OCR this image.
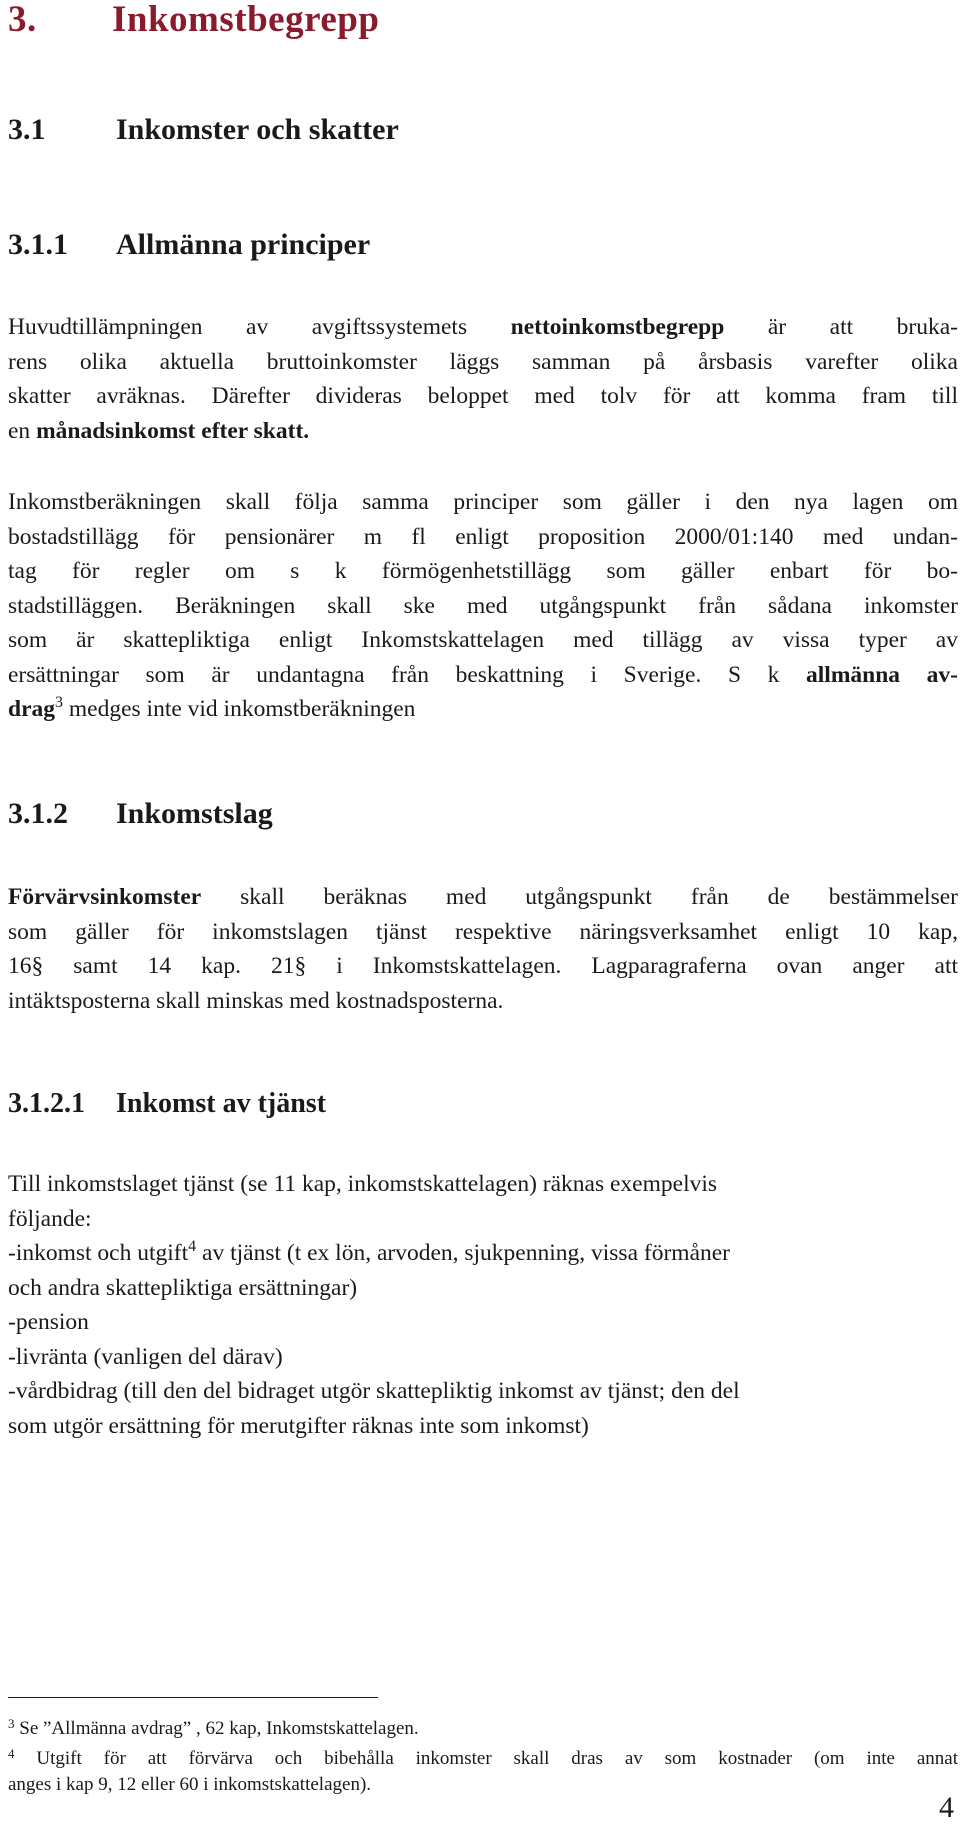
3. Inkomstbegrepp
3.1 Inkomster och skatter
3.1.1 Allmänna principer
Huvudtillämpningen av avgiftssystemets nettoinkomstbegrepp är att bruka-
rens olika aktuella bruttoinkomster läggs samman på årsbasis varefter olika
skatter avräknas. Därefter divideras beloppet med tolv för att komma fram till
en månadsinkomst efter skatt.
Inkomstberäkningen skall följa samma principer som gäller i den nya lagen om
bostadstillägg för pensionärer m fl enligt proposition 2000/01:140 med undan-
tag för regler om s k förmögenhetstillägg som gäller enbart för bo-
stadstilläggen. Beräkningen skall ske med utgångspunkt från sådana inkomster
som är skattepliktiga enligt Inkomstskattelagen med tillägg av vissa typer av
ersättningar som är undantagna från beskattning i Sverige. S k allmänna av-
drag$^3$ medges inte vid inkomstberäkningen
3.1.2 Inkomstslag
Förvärvsinkomster skall beräknas med utgångspunkt från de bestämmelser
som gäller för inkomstslagen tjänst respektive näringsverksamhet enligt 10 kap,
16§ samt 14 kap. 21§ i Inkomstskattelagen. Lagparagraferna ovan anger att
intäktsposterna skall minskas med kostnadsposterna.
3.1.2.1 Inkomst av tjänst
Till inkomstslaget tjänst (se 11 kap, inkomstskattelagen) räknas exempelvis
följande:
-inkomst och utgift$^4$ av tjänst (t ex lön, arvoden, sjukpenning, vissa förmåner
och andra skattepliktiga ersättningar)
-pension
-livränta (vanligen del därav)
-vårdbidrag (till den del bidraget utgör skattepliktig inkomst av tjänst; den del
som utgör ersättning för merutgifter räknas inte som inkomst)
$^3$ Se ”Allmänna avdrag” , 62 kap, Inkomstskattelagen.
$^4$ Utgift för att förvärva och bibehålla inkomster skall dras av som kostnader (om inte annat
anges i kap 9, 12 eller 60 i inkomstskattelagen).
4
